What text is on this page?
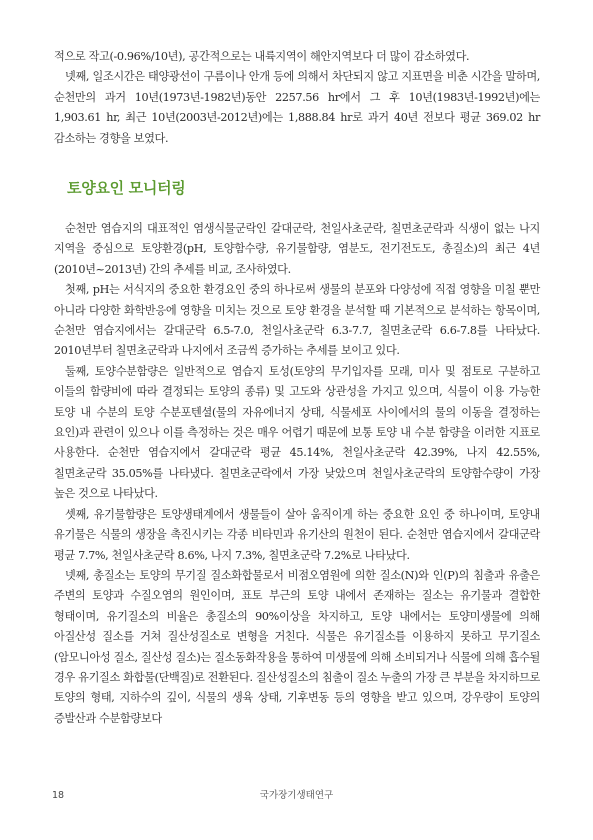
적으로 작고(-0.96%/10년), 공간적으로는 내륙지역이 해안지역보다 더 많이 감소하였다.

넷째, 일조시간은 태양광선이 구름이나 안개 등에 의해서 차단되지 않고 지표면을 비춘 시간을 말하며, 순천만의 과거 10년(1973년-1982년)동안 2257.56 hr에서 그 후 10년(1983년-1992년)에는 1,903.61 hr, 최근 10년(2003년-2012년)에는 1,888.84 hr로 과거 40년 전보다 평균 369.02 hr 감소하는 경향을 보였다.

토양요인 모니터링

순천만 염습지의 대표적인 염생식물군락인 갈대군락, 천일사초군락, 칠면초군락과 식생이 없는 나지 지역을 중심으로 토양환경(pH, 토양함수량, 유기물함량, 염분도, 전기전도도, 총질소)의 최근 4년(2010년~2013년) 간의 추세를 비교, 조사하였다.

첫째, pH는 서식지의 중요한 환경요인 중의 하나로써 생물의 분포와 다양성에 직접 영향을 미칠 뿐만 아니라 다양한 화학반응에 영향을 미치는 것으로 토양 환경을 분석할 때 기본적으로 분석하는 항목이며, 순천만 염습지에서는 갈대군락 6.5-7.0, 천일사초군락 6.3-7.7, 칠면초군락 6.6-7.8를 나타났다. 2010년부터 칠면초군락과 나지에서 조금씩 증가하는 추세를 보이고 있다.

둘째, 토양수분함량은 일반적으로 염습지 토성(토양의 무기입자를 모래, 미사 및 점토로 구분하고 이들의 함량비에 따라 결정되는 토양의 종류) 및 고도와 상관성을 가지고 있으며, 식물이 이용 가능한 토양 내 수분의 토양 수분포텐셜(물의 자유에너지 상태, 식물세포 사이에서의 물의 이동을 결정하는 요인)과 관련이 있으나 이를 측정하는 것은 매우 어렵기 때문에 보통 토양 내 수분 함량을 이러한 지표로 사용한다. 순천만 염습지에서 갈대군락 평균 45.14%, 천일사초군락 42.39%, 나지 42.55%, 칠면초군락 35.05%를 나타냈다. 칠면초군락에서 가장 낮았으며 천일사초군락의 토양함수량이 가장 높은 것으로 나타났다.

셋째, 유기물함량은 토양생태계에서 생물들이 살아 움직이게 하는 중요한 요인 중 하나이며, 토양내 유기물은 식물의 생장을 촉진시키는 각종 비타민과 유기산의 원천이 된다. 순천만 염습지에서 갈대군락 평균 7.7%, 천일사초군락 8.6%, 나지 7.3%, 칠면초군락 7.2%로 나타났다.

넷째, 총질소는 토양의 무기질 질소화합물로서 비점오염원에 의한 질소(N)와 인(P)의 침출과 유출은 주변의 토양과 수질오염의 원인이며, 표토 부근의 토양 내에서 존재하는 질소는 유기물과 결합한 형태이며, 유기질소의 비율은 총질소의 90%이상을 차지하고, 토양 내에서는 토양미생물에 의해 아질산성 질소를 거쳐 질산성질소로 변형을 거친다. 식물은 유기질소를 이용하지 못하고 무기질소(암모니아성 질소, 질산성 질소)는 질소동화작용을 통하여 미생물에 의해 소비되거나 식물에 의해 흡수될 경우 유기질소 화합물(단백질)로 전환된다. 질산성질소의 침출이 질소 누출의 가장 큰 부분을 차지하므로 토양의 형태, 지하수의 깊이, 식물의 생육 상태, 기후변동 등의 영향을 받고 있으며, 강우량이 토양의 증발산과 수분함량보다

18	국가장기생태연구
